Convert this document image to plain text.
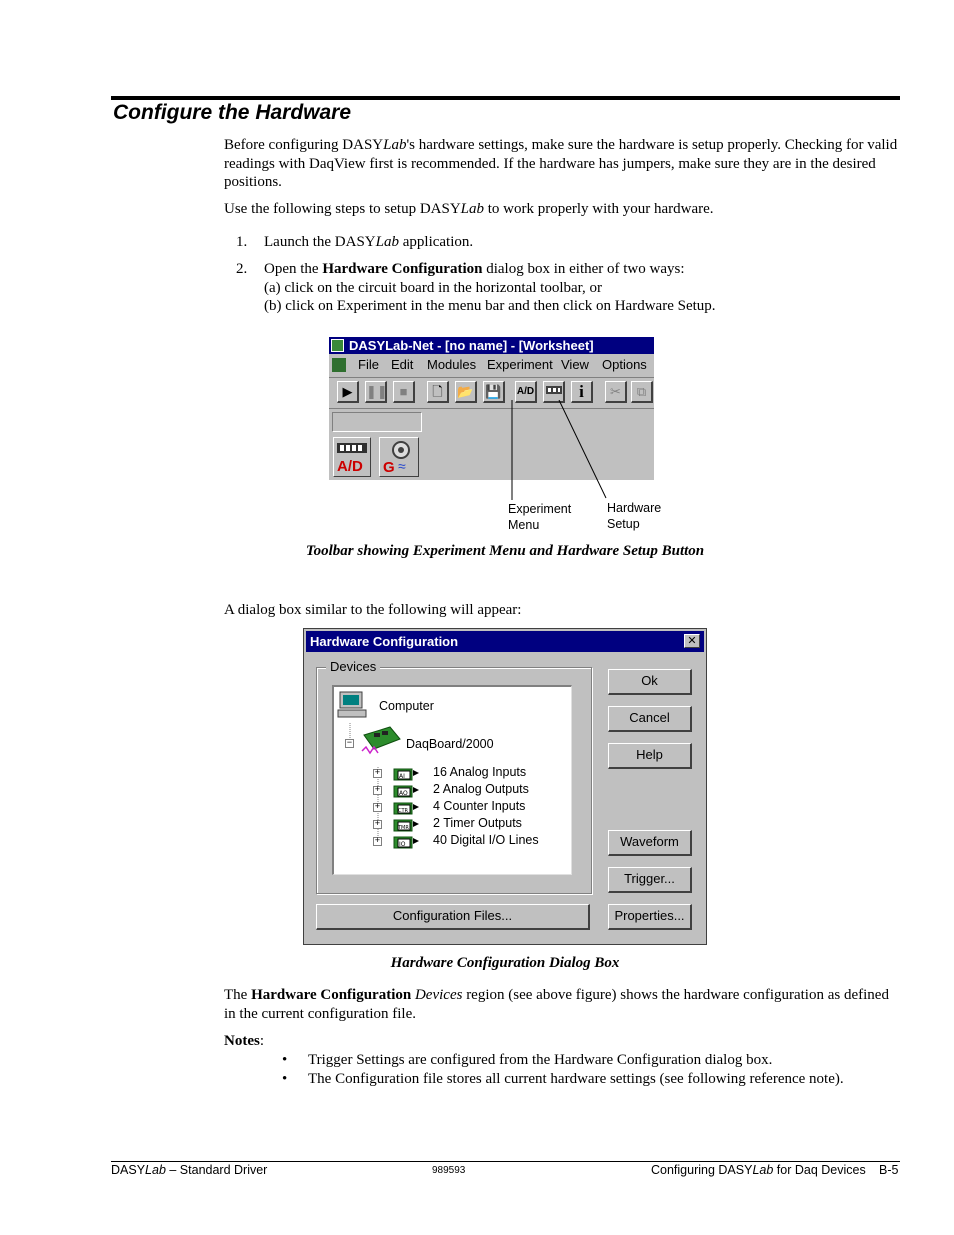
Configure the Hardware

Before configuring DASYLab's hardware settings, make sure the hardware is setup properly. Checking for valid readings with DaqView first is recommended. If the hardware has jumpers, make sure they are in the desired positions.

Use the following steps to setup DASYLab to work properly with your hardware.

1. Launch the DASYLab application.
2. Open the Hardware Configuration dialog box in either of two ways:
(a) click on the circuit board in the horizontal toolbar, or
(b) click on Experiment in the menu bar and then click on Hardware Setup.
DASYLab-Net - [no name] - [Worksheet]
File Edit Modules Experiment View Options
▶	❚❚ ■	🗋	📂 💾	A/D	i	✂	⧉
A/D G ≈
Experiment
Menu
Hardware
Setup
Toolbar showing Experiment Menu and Hardware Setup Button
A dialog box similar to the following will appear:
Hardware Configuration	✕
Devices
Computer
−	DaqBoard/2000
+	AI 16 Analog Inputs
+	AO 2 Analog Outputs
+	CTR 4 Counter Inputs
+	TMR 2 Timer Outputs
+	IO 40 Digital I/O Lines
Ok
Cancel
Help
Waveform
Trigger...
Properties...
Configuration Files...
Hardware Configuration Dialog Box

The Hardware Configuration Devices region (see above figure) shows the hardware configuration as defined in the current configuration file.

Notes:
• Trigger Settings are configured from the Hardware Configuration dialog box.
• The Configuration file stores all current hardware settings (see following reference note).
DASYLab – Standard Driver	989593	Configuring DASYLab for Daq Devices B-5
